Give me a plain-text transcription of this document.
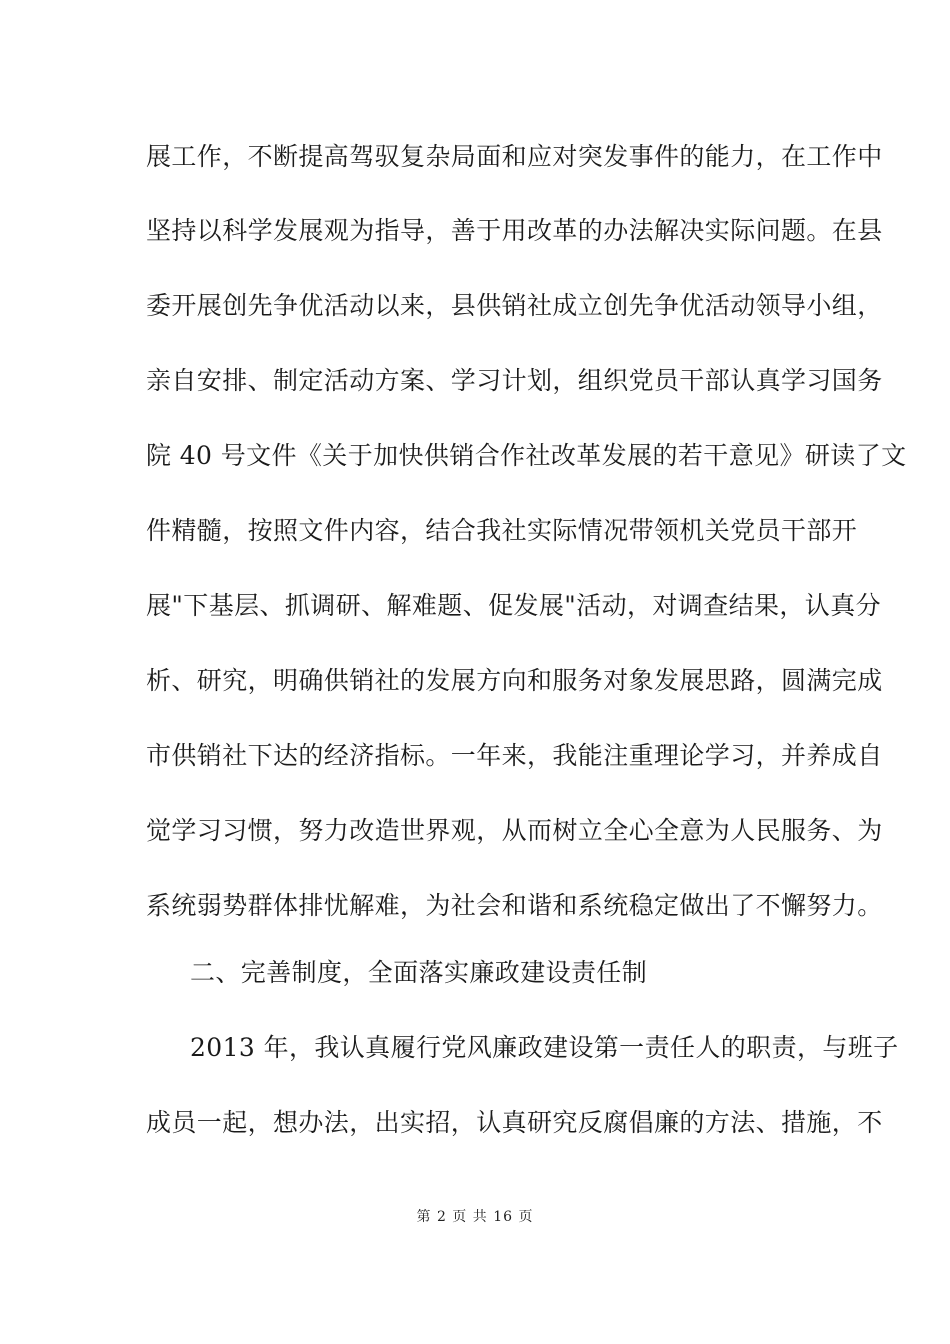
展工作，不断提高驾驭复杂局面和应对突发事件的能力，在工作中
坚持以科学发展观为指导，善于用改革的办法解决实际问题。在县
委开展创先争优活动以来，县供销社成立创先争优活动领导小组，
亲自安排、制定活动方案、学习计划，组织党员干部认真学习国务
院 40 号文件《关于加快供销合作社改革发展的若干意见》研读了文
件精髓，按照文件内容，结合我社实际情况带领机关党员干部开
展"下基层、抓调研、解难题、促发展"活动，对调查结果，认真分
析、研究，明确供销社的发展方向和服务对象发展思路，圆满完成
市供销社下达的经济指标。一年来，我能注重理论学习，并养成自
觉学习习惯，努力改造世界观，从而树立全心全意为人民服务、为
系统弱势群体排忧解难，为社会和谐和系统稳定做出了不懈努力。
二、完善制度，全面落实廉政建设责任制
2013 年，我认真履行党风廉政建设第一责任人的职责，与班子
成员一起，想办法，出实招，认真研究反腐倡廉的方法、措施，不
第 2 页 共 16 页
